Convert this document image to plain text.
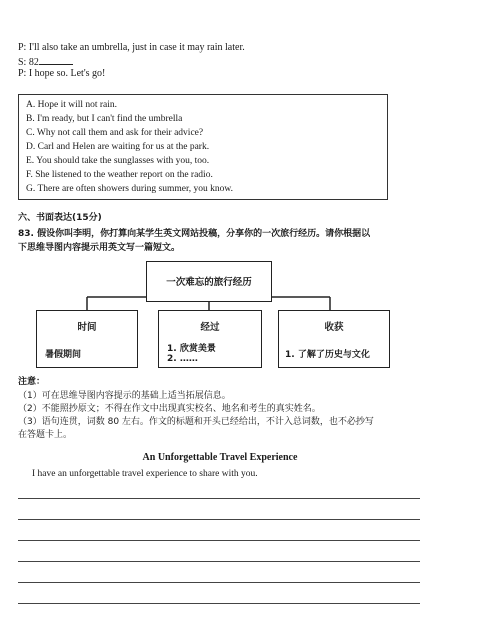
P: I'll also take an umbrella, just in case it may rain later.
S: 82
P: I hope so. Let's go!
A. Hope it will not rain.
B. I'm ready, but I can't find the umbrella
C. Why not call them and ask for their advice?
D. Carl and Helen are waiting for us at the park.
E. You should take the sunglasses with you, too.
F. She listened to the weather report on the radio.
G. There are often showers during summer, you know.
六、书面表达(15分)
83. 假设你叫李明，你打算向某学生英文网站投稿，分享你的一次旅行经历。请你根据以
下思维导图内容提示用英文写一篇短文。
一次难忘的旅行经历
时间
暑假期间
经过
1. 欣赏美景
2. ……
收获
1. 了解了历史与文化
注意：
（1）可在思维导图内容提示的基础上适当拓展信息。
（2）不能照抄原文；不得在作文中出现真实校名、地名和考生的真实姓名。
（3）语句连贯，词数 80 左右。作文的标题和开头已经给出，不计入总词数，也不必抄写
在答题卡上。
An Unforgettable Travel Experience
I have an unforgettable travel experience to share with you.
